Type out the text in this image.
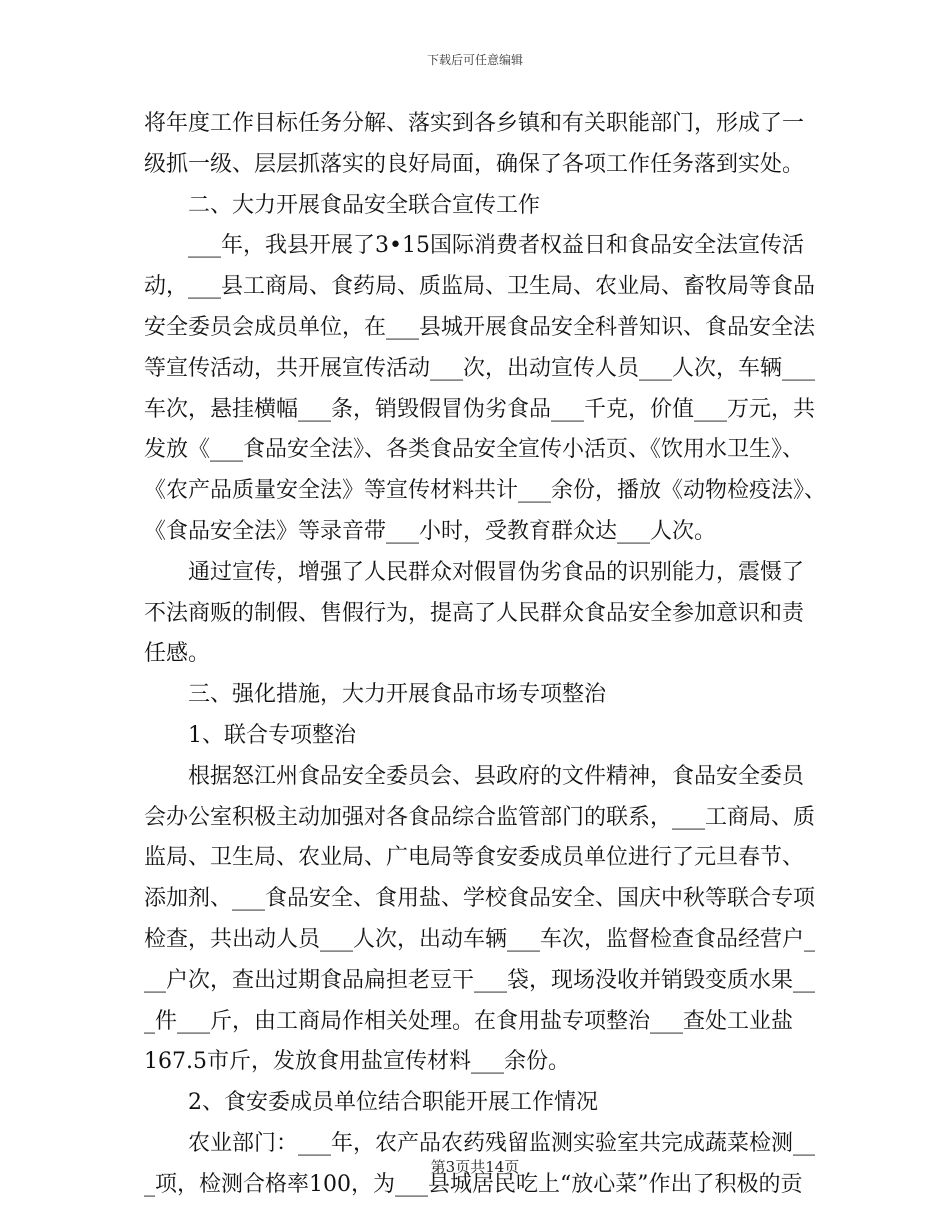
下载后可任意编辑
将年度工作目标任务分解、落实到各乡镇和有关职能部门，形成了一
级抓一级、层层抓落实的良好局面，确保了各项工作任务落到实处。
二、大力开展食品安全联合宣传工作
___年，我县开展了3•15国际消费者权益日和食品安全法宣传活
动，___县工商局、食药局、质监局、卫生局、农业局、畜牧局等食品
安全委员会成员单位，在___县城开展食品安全科普知识、食品安全法
等宣传活动，共开展宣传活动___次，出动宣传人员___人次，车辆___
车次，悬挂横幅___条，销毁假冒伪劣食品___千克，价值___万元，共
发放《___食品安全法》、各类食品安全宣传小活页、《饮用水卫生》、
《农产品质量安全法》等宣传材料共计___余份，播放《动物检疫法》、
《食品安全法》等录音带___小时，受教育群众达___人次。
通过宣传，增强了人民群众对假冒伪劣食品的识别能力，震慑了
不法商贩的制假、售假行为，提高了人民群众食品安全参加意识和责
任感。
三、强化措施，大力开展食品市场专项整治
1、联合专项整治
根据怒江州食品安全委员会、县政府的文件精神，食品安全委员
会办公室积极主动加强对各食品综合监管部门的联系，___工商局、质
监局、卫生局、农业局、广电局等食安委成员单位进行了元旦春节、
添加剂、___食品安全、食用盐、学校食品安全、国庆中秋等联合专项
检查，共出动人员___人次，出动车辆___车次，监督检查食品经营户_
__户次，查出过期食品扁担老豆干___袋，现场没收并销毁变质水果__
_件___斤，由工商局作相关处理。在食用盐专项整治___查处工业盐
167.5市斤，发放食用盐宣传材料___余份。
2、食安委成员单位结合职能开展工作情况
农业部门：___年，农产品农药残留监测实验室共完成蔬菜检测__
_项，检测合格率100，为___县城居民吃上“放心菜”作出了积极的贡
第3页共14页
